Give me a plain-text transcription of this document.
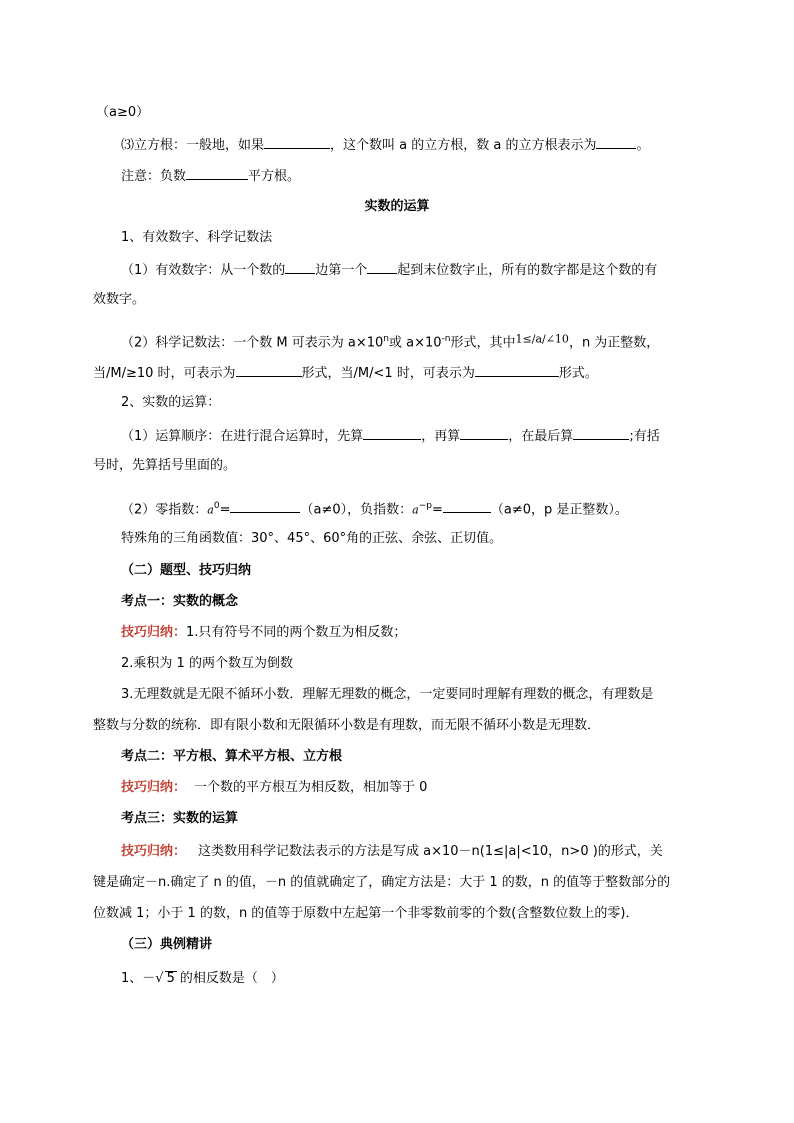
（a≥0）
⑶立方根：一般地，如果	，这个数叫 a 的立方根，数 a 的立方根表示为	。
注意：负数	平方根。
实数的运算
1、有效数字、科学记数法
（1）有效数字：从一个数的 边第一个 起到末位数字止，所有的数字都是这个数的有
效数字。
（2）科学记数法：一个数 M 可表示为 $a\times 10^n$或 $a\times 10^{-n}$形式，其中$^{1\le/a/\angle 10}$，n 为正整数，
当/M/≥10 时，可表示为	形式，当/M/<1 时，可表示为	形式。
2、实数的运算：
（1）运算顺序：在进行混合运算时，先算	，再算	，在最后算	;有括
号时，先算括号里面的。
（2）零指数：$a^0=$	（a≠0），负指数：$a^{-p}=$	（a≠0，p 是正整数）。
特殊角的三角函数值：30°、45°、60°角的正弦、余弦、正切值。
（二）题型、技巧归纳
考点一：实数的概念
技巧归纳：1.只有符号不同的两个数互为相反数；
2.乘积为 1 的两个数互为倒数
3.无理数就是无限不循环小数．理解无理数的概念，一定要同时理解有理数的概念，有理数是
整数与分数的统称．即有限小数和无限循环小数是有理数，而无限不循环小数是无理数．
考点二：平方根、算术平方根、立方根
技巧归纳： 一个数的平方根互为相反数，相加等于 0
考点三：实数的运算
技巧归纳： 这类数用科学记数法表示的方法是写成 a×10－n(1≤|a|<10，n>0 )的形式，关
键是确定－n.确定了 n 的值，－n 的值就确定了，确定方法是：大于 1 的数，n 的值等于整数部分的
位数减 1；小于 1 的数，n 的值等于原数中左起第一个非零数前零的个数(含整数位数上的零)．
（三）典例精讲
1、－√ 5 的相反数是（　）
